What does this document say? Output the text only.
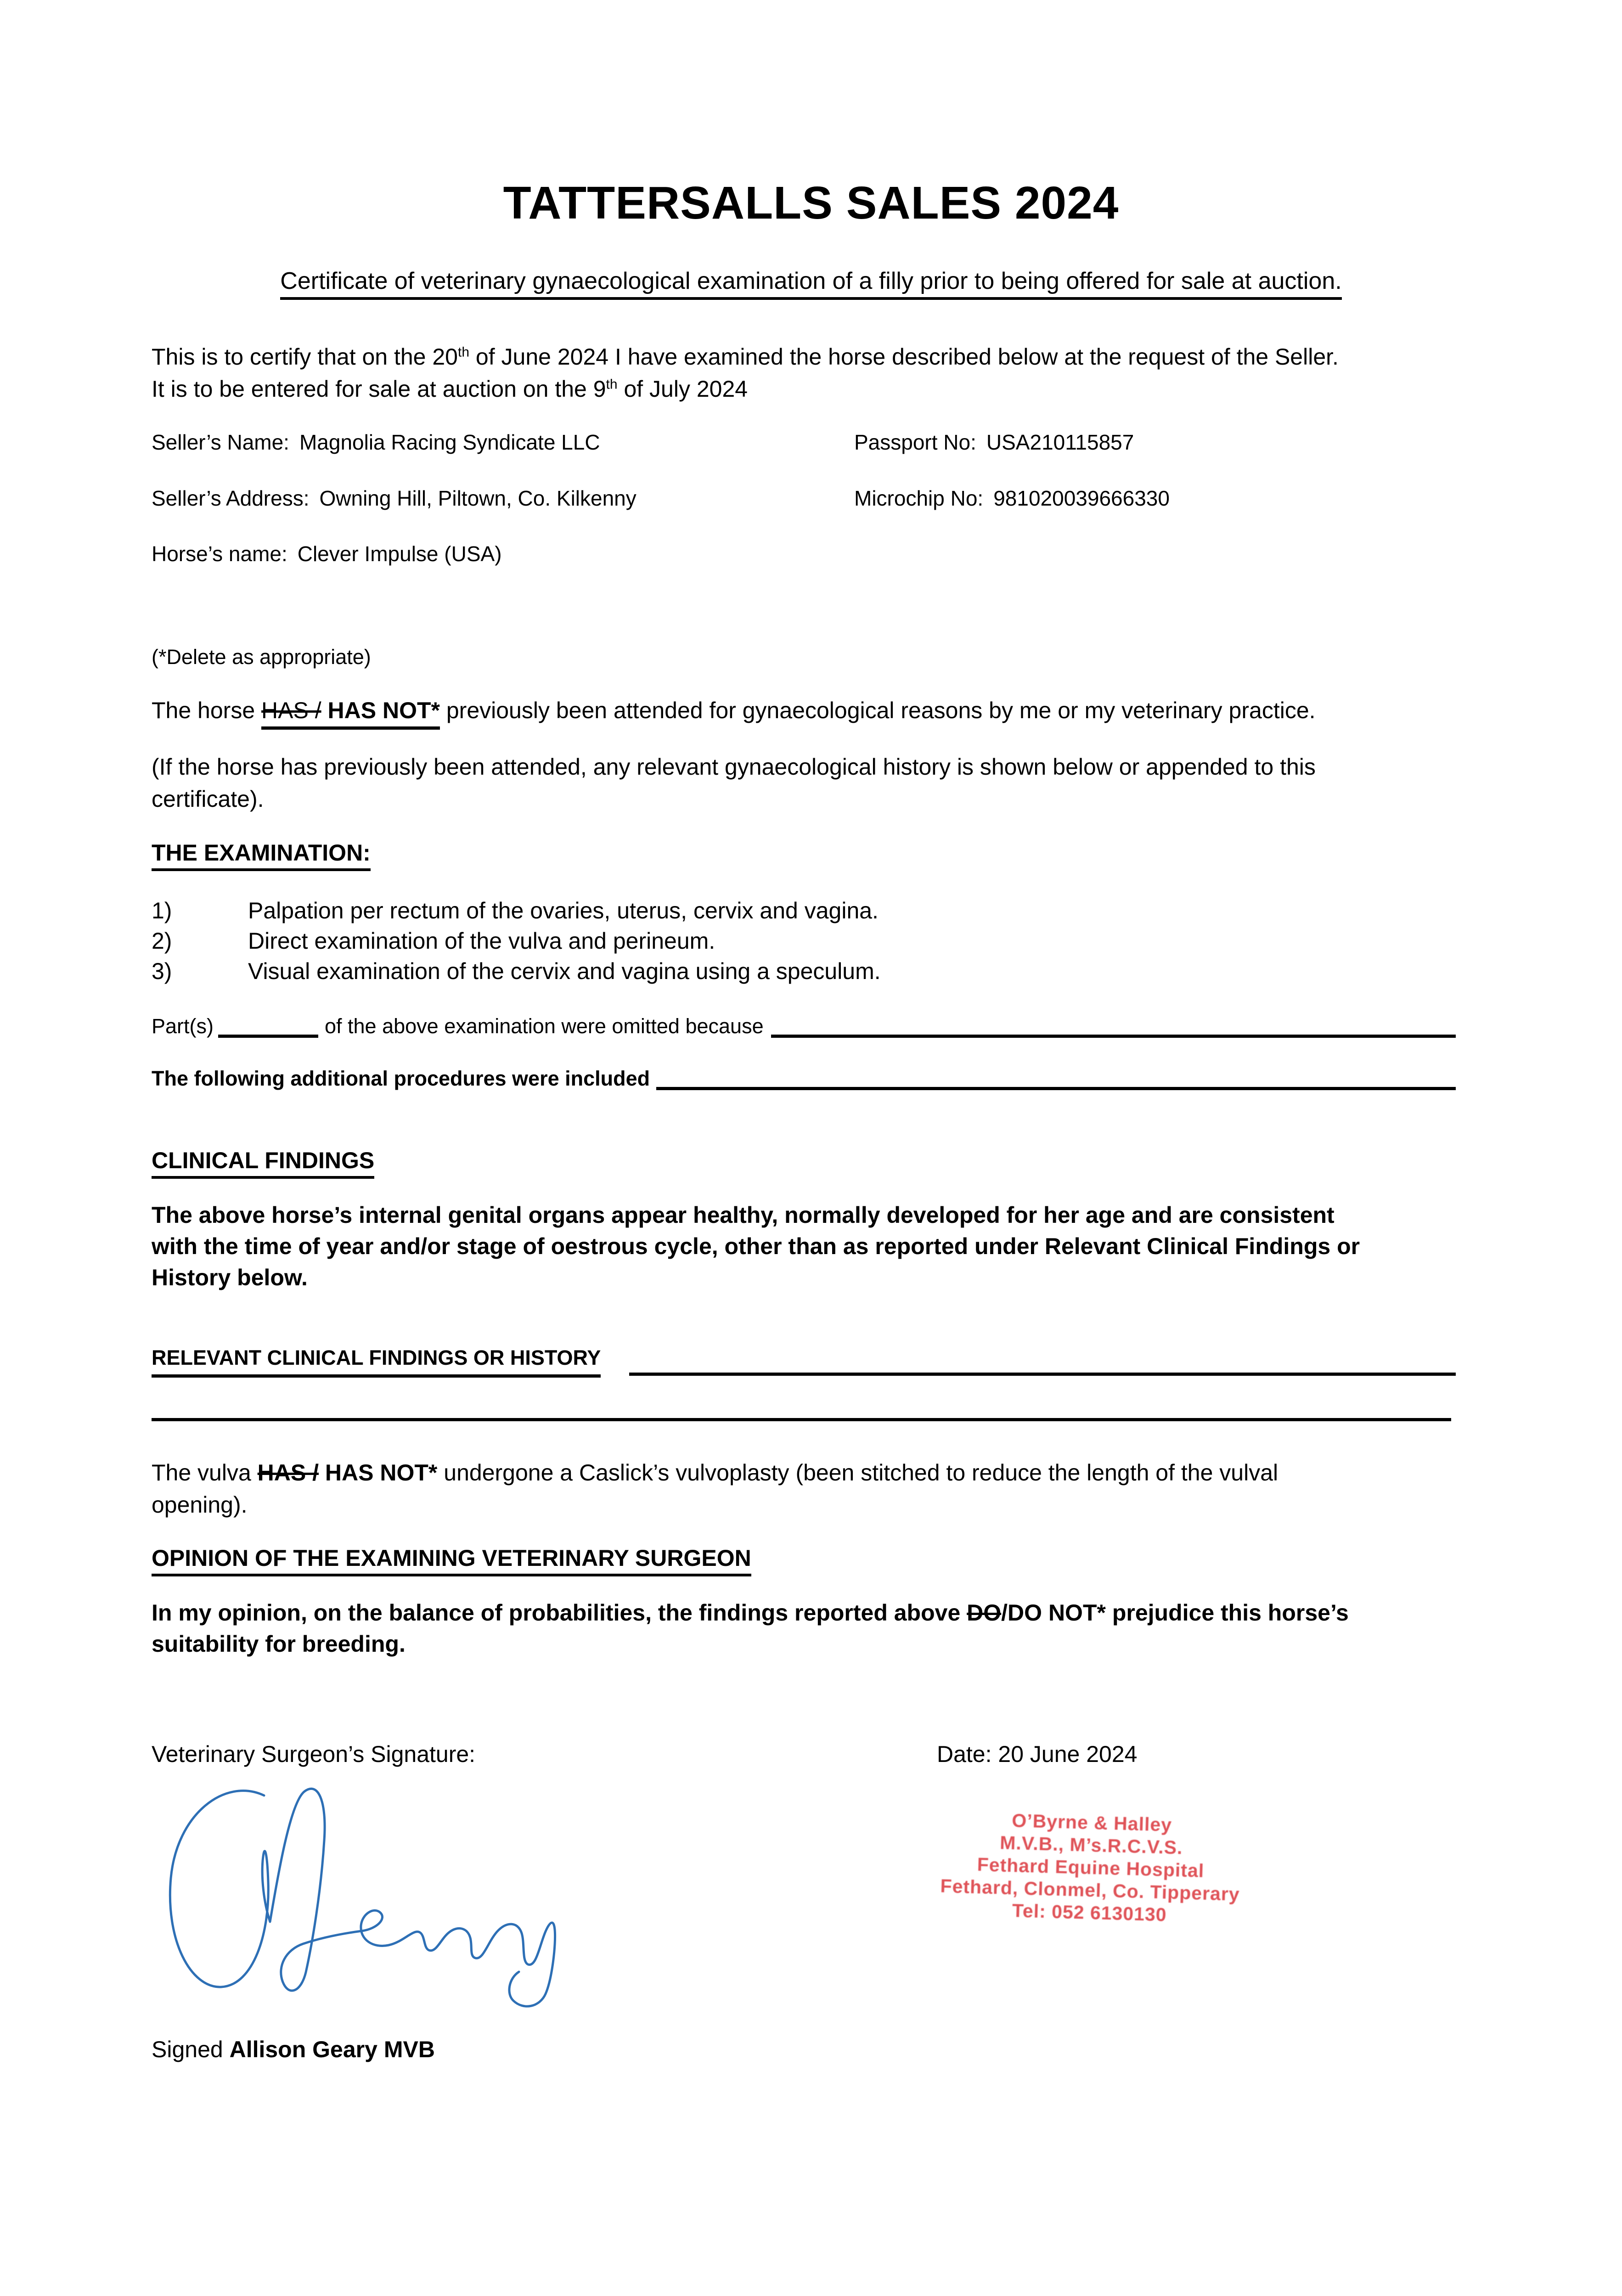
TATTERSALLS SALES 2024
Certificate of veterinary gynaecological examination of a filly prior to being offered for sale at auction.
This is to certify that on the 20th of June 2024 I have examined the horse described below at the request of the Seller.
It is to be entered for sale at auction on the 9th of July 2024
Seller’s Name: Magnolia Racing Syndicate LLC	Passport No: USA210115857
Seller’s Address: Owning Hill, Piltown, Co. Kilkenny	Microchip No: 981020039666330
Horse’s name: Clever Impulse (USA)
(*Delete as appropriate)
The horse HAS / HAS NOT* previously been attended for gynaecological reasons by me or my veterinary practice.
(If the horse has previously been attended, any relevant gynaecological history is shown below or appended to this
certificate).
THE EXAMINATION:
1)	Palpation per rectum of the ovaries, uterus, cervix and vagina.
2)	Direct examination of the vulva and perineum.
3)	Visual examination of the cervix and vagina using a speculum.
Part(s)	of the above examination were omitted because
The following additional procedures were included
CLINICAL FINDINGS
The above horse’s internal genital organs appear healthy, normally developed for her age and are consistent
with the time of year and/or stage of oestrous cycle, other than as reported under Relevant Clinical Findings or
History below.
RELEVANT CLINICAL FINDINGS OR HISTORY
The vulva HAS / HAS NOT* undergone a Caslick’s vulvoplasty (been stitched to reduce the length of the vulval
opening).
OPINION OF THE EXAMINING VETERINARY SURGEON
In my opinion, on the balance of probabilities, the findings reported above DO/DO NOT* prejudice this horse’s
suitability for breeding.
Veterinary Surgeon’s Signature:	Date: 20 June 2024
O’Byrne & Halley
M.V.B., M’s.R.C.V.S.
Fethard Equine Hospital
Fethard, Clonmel, Co. Tipperary
Tel: 052 6130130
Signed Allison Geary MVB
